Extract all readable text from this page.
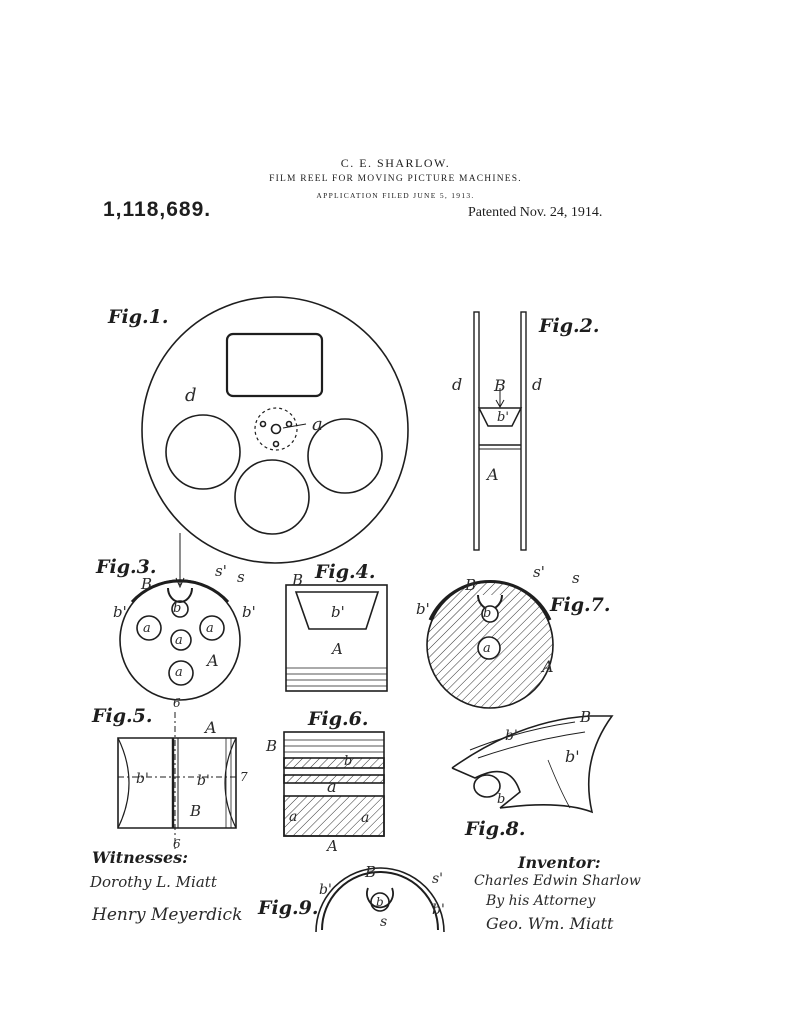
C. E. SHARLOW.
FILM REEL FOR MOVING PICTURE MACHINES.
APPLICATION FILED JUNE 5, 1913.
1,118,689.	Patented Nov. 24, 1914.
Fig.1.	Fig.2.
Fig.3.	Fig.4.
Fig.7.
Fig.5.	Fig.6.
Fig.8.
Fig.9.
d
a
d	d
B
b'
A
B
s' s
b'	b'
b
a	a
a
a
A
B
b'
A
B
s' s
b'	b
a
A
6
6
7
A
b'	b'
B
B
b
a
a	a
A
B
b'
b'
b
B	s'
b'
b'
b
s
Witnesses:
Dorothy L. Miatt
Henry Meyerdick
Inventor:
Charles Edwin Sharlow
By his Attorney
Geo. Wm. Miatt
